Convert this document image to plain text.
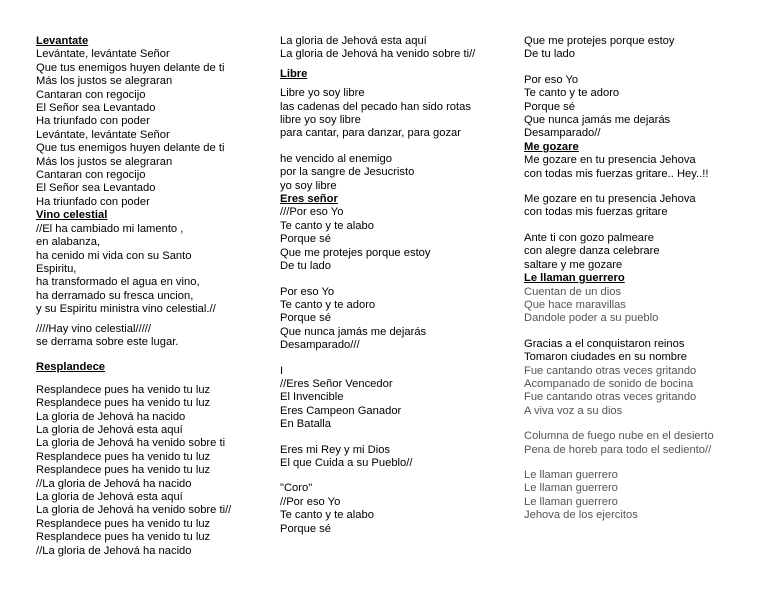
Levantate
Levántate, levántate Señor
Que tus enemigos huyen delante de ti
Más los justos se alegraran
Cantaran con regocijo
El Señor sea Levantado
Ha triunfado con poder
Levántate, levántate Señor
Que tus enemigos huyen delante de ti
Más los justos se alegraran
Cantaran con regocijo
El Señor sea Levantado
Ha triunfado con poder
Vino celestial
//El ha cambiado mi lamento ,
en alabanza,
ha cenido mi vida con su Santo
Espiritu,
ha transformado el agua en vino,
ha derramado su fresca uncion,
y su Espiritu ministra vino celestial.//
////Hay vino celestial/////
se derrama sobre este lugar.
Resplandece
Resplandece pues ha venido tu luz
Resplandece pues ha venido tu luz
La gloria de Jehová ha nacido
La gloria de Jehová esta aquí
La gloria de Jehová ha venido sobre ti
Resplandece pues ha venido tu luz
Resplandece pues ha venido tu luz
//La gloria de Jehová ha nacido
La gloria de Jehová esta aquí
La gloria de Jehová ha venido sobre ti//
Resplandece pues ha venido tu luz
Resplandece pues ha venido tu luz
//La gloria de Jehová ha nacido
La gloria de Jehová esta aquí
La gloria de Jehová ha venido sobre ti//
Libre
Libre yo soy libre
las cadenas del pecado han sido rotas
libre yo soy libre
para cantar, para danzar, para gozar
he vencido al enemigo
por la sangre de Jesucristo
yo soy libre
Eres señor
///Por eso Yo
Te canto y te alabo
Porque sé
Que me protejes porque estoy
De tu lado
Por eso Yo
Te canto y te adoro
Porque sé
Que nunca jamás me dejarás
Desamparado///
I
//Eres Señor Vencedor
El Invencible
Eres Campeon Ganador
En Batalla
Eres mi Rey y mi Dios
El que Cuida a su Pueblo//
"Coro"
//Por eso Yo
Te canto y te alabo
Porque sé
Que me protejes porque estoy
De tu lado
Por eso Yo
Te canto y te adoro
Porque sé
Que nunca jamás me dejarás
Desamparado//
Me gozare
Me gozare en tu presencia Jehova
con todas mis fuerzas gritare.. Hey..!!
Me gozare en tu presencia Jehova
con todas mis fuerzas gritare
Ante ti con gozo palmeare
con alegre danza celebrare
saltare y me gozare
Le llaman guerrero
Cuentan de un dios
Que hace maravillas
Dandole poder a su pueblo
Gracias a el conquistaron reinos
Tomaron ciudades en su nombre
Fue cantando otras veces gritando
Acompanado de sonido de bocina
Fue cantando otras veces gritando
A viva voz a su dios
Columna de fuego nube en el desierto
Pena de horeb para todo el sediento//
Le llaman guerrero
Le llaman guerrero
Le llaman guerrero
Jehova de los ejercitos
